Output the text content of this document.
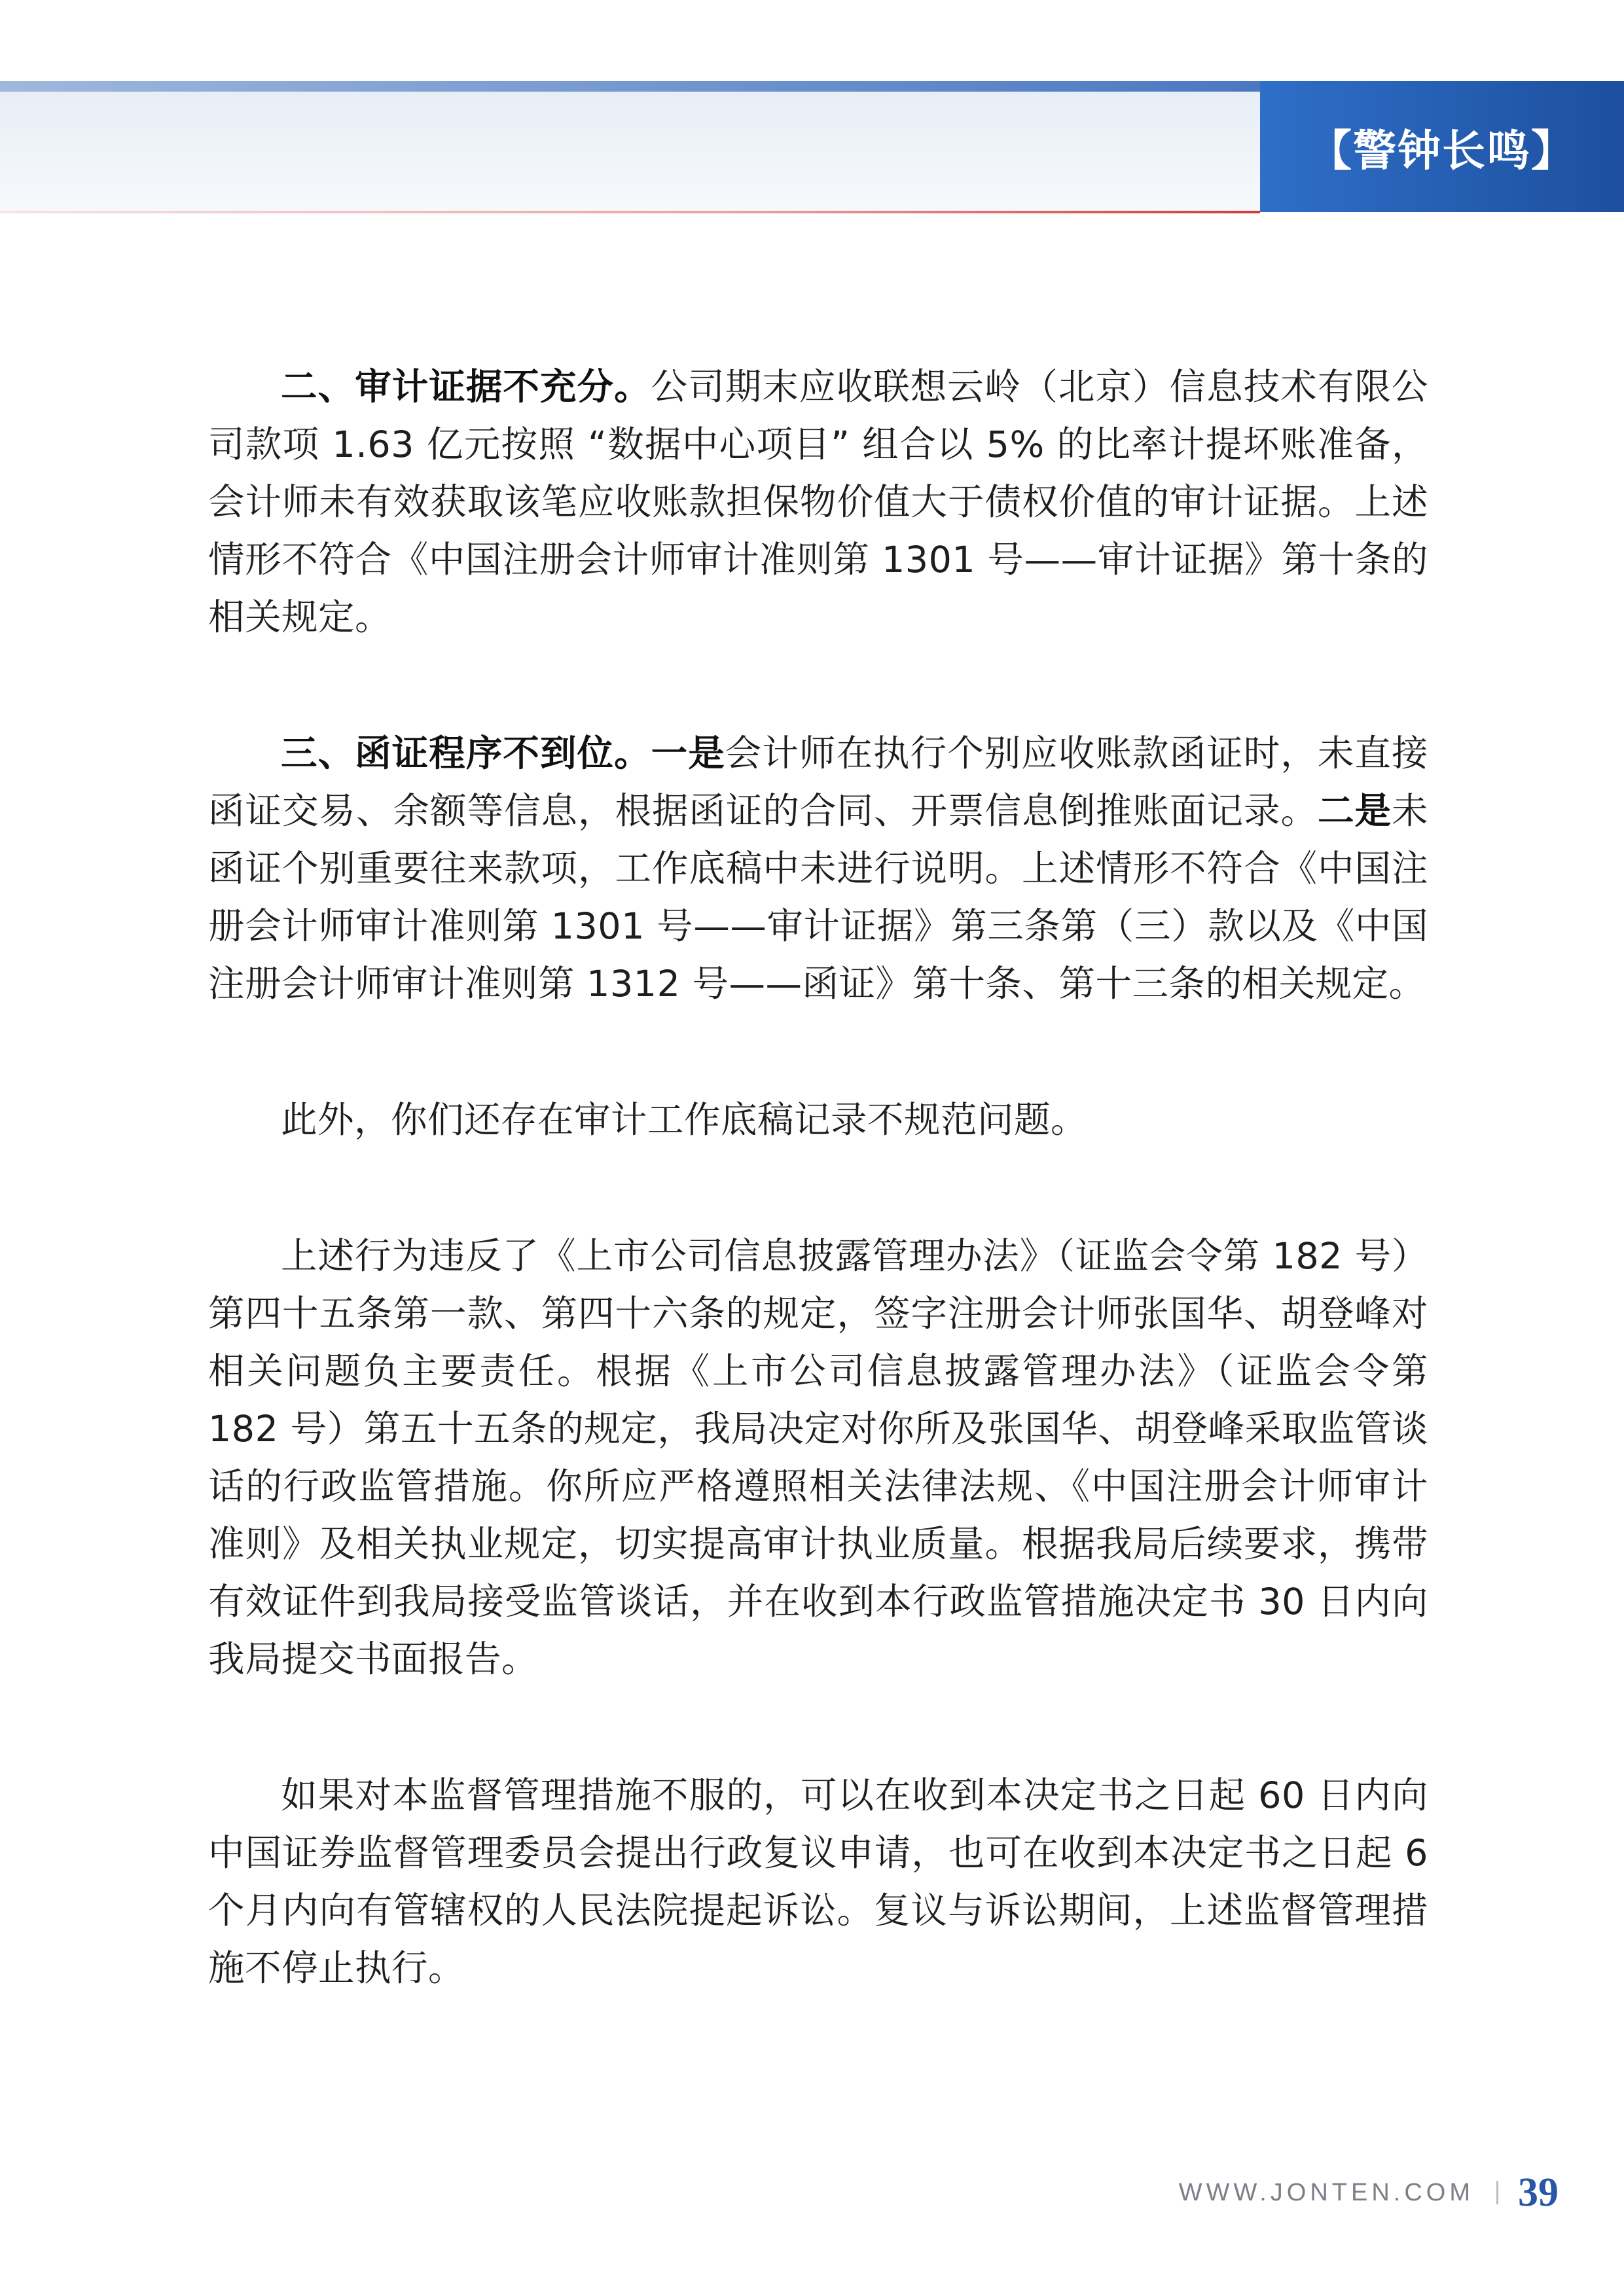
【警钟长鸣】

二、审计证据不充分。公司期末应收联想云岭（北京）信息技术有限公司款项 1.63 亿元按照 “数据中心项目” 组合以 5% 的比率计提坏账准备，会计师未有效获取该笔应收账款担保物价值大于债权价值的审计证据。上述情形不符合《中国注册会计师审计准则第 1301 号——审计证据》第十条的相关规定。

三、函证程序不到位。一是会计师在执行个别应收账款函证时，未直接函证交易、余额等信息，根据函证的合同、开票信息倒推账面记录。二是未函证个别重要往来款项，工作底稿中未进行说明。上述情形不符合《中国注册会计师审计准则第 1301 号——审计证据》第三条第（三）款以及《中国注册会计师审计准则第 1312 号——函证》第十条、第十三条的相关规定。

此外，你们还存在审计工作底稿记录不规范问题。

上述行为违反了《上市公司信息披露管理办法》（证监会令第 182 号）第四十五条第一款、第四十六条的规定，签字注册会计师张国华、胡登峰对相关问题负主要责任。根据《上市公司信息披露管理办法》（证监会令第 182 号）第五十五条的规定，我局决定对你所及张国华、胡登峰采取监管谈话的行政监管措施。你所应严格遵照相关法律法规、《中国注册会计师审计准则》及相关执业规定，切实提高审计执业质量。根据我局后续要求，携带有效证件到我局接受监管谈话，并在收到本行政监管措施决定书 30 日内向我局提交书面报告。

如果对本监督管理措施不服的，可以在收到本决定书之日起 60 日内向中国证券监督管理委员会提出行政复议申请，也可在收到本决定书之日起 6 个月内向有管辖权的人民法院提起诉讼。复议与诉讼期间，上述监督管理措施不停止执行。

WWW.JONTEN.COM 39
